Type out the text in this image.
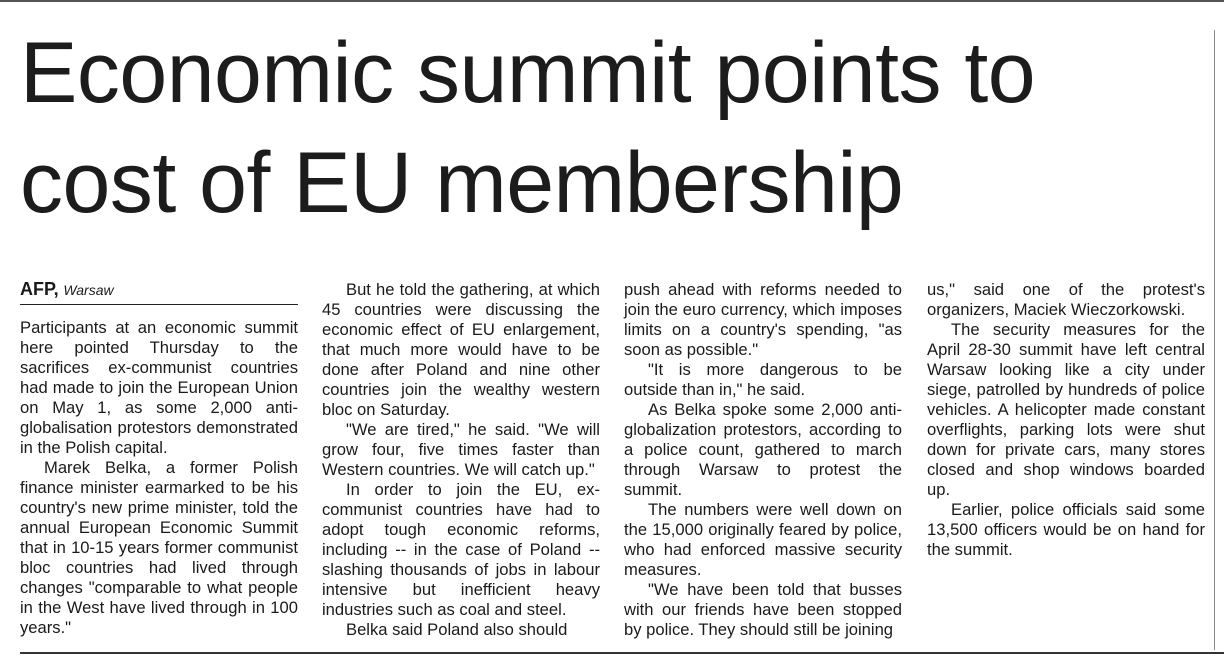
Economic summit points to cost of EU membership
AFP, Warsaw

Participants at an economic summit here pointed Thursday to the sacrifices ex-communist countries had made to join the European Union on May 1, as some 2,000 anti-globalisation protestors demonstrated in the Polish capital.

Marek Belka, a former Polish finance minister earmarked to be his country's new prime minister, told the annual European Economic Summit that in 10-15 years former communist bloc countries had lived through changes "comparable to what people in the West have lived through in 100 years."

But he told the gathering, at which 45 countries were discussing the economic effect of EU enlargement, that much more would have to be done after Poland and nine other countries join the wealthy western bloc on Saturday.

"We are tired," he said. "We will grow four, five times faster than Western countries. We will catch up."

In order to join the EU, ex-communist countries have had to adopt tough economic reforms, including -- in the case of Poland -- slashing thousands of jobs in labour intensive but inefficient heavy industries such as coal and steel.

Belka said Poland also should

push ahead with reforms needed to join the euro currency, which imposes limits on a country's spending, "as soon as possible."

"It is more dangerous to be outside than in," he said.

As Belka spoke some 2,000 anti-globalization protestors, according to a police count, gathered to march through Warsaw to protest the summit.

The numbers were well down on the 15,000 originally feared by police, who had enforced massive security measures.

"We have been told that busses with our friends have been stopped by police. They should still be joining

us," said one of the protest's organizers, Maciek Wieczorkowski.

The security measures for the April 28-30 summit have left central Warsaw looking like a city under siege, patrolled by hundreds of police vehicles. A helicopter made constant overflights, parking lots were shut down for private cars, many stores closed and shop windows boarded up.

Earlier, police officials said some 13,500 officers would be on hand for the summit.
